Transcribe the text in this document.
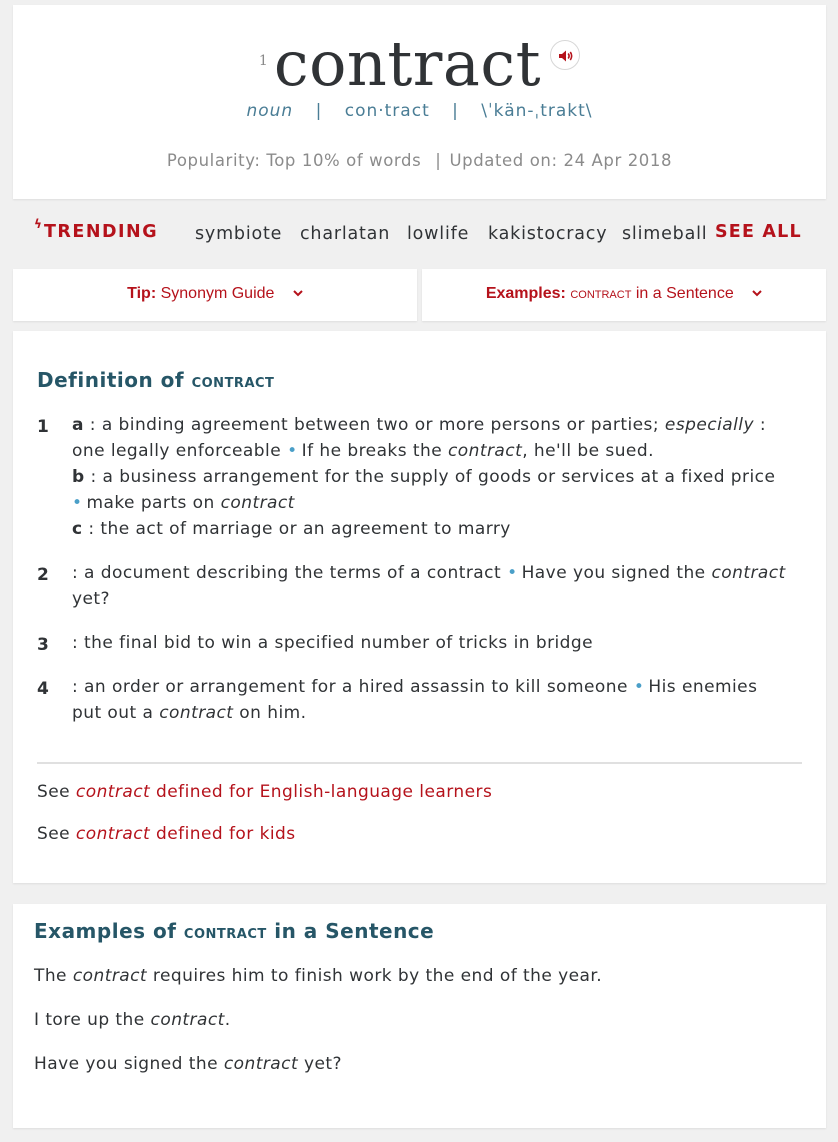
1contract
noun | con·tract | \ˈkän-ˌtrakt\
Popularity: Top 10% of words | Updated on: 24 Apr 2018
ϟ TRENDING symbiote charlatan lowlife kakistocracy slimeball SEE ALL
Tip: Synonym Guide	Examples: contract in a Sentence
Definition of contract
1 a : a binding agreement between two or more persons or parties; especially :
one legally enforceable • If he breaks the contract, he'll be sued.
b : a business arrangement for the supply of goods or services at a fixed price
• make parts on contract
c : the act of marriage or an agreement to marry
2 : a document describing the terms of a contract • Have you signed the contract
yet?
3 : the final bid to win a specified number of tricks in bridge
4 : an order or arrangement for a hired assassin to kill someone • His enemies
put out a contract on him.
See contract defined for English-language learners
See contract defined for kids
Examples of contract in a Sentence
The contract requires him to finish work by the end of the year.
I tore up the contract.
Have you signed the contract yet?
